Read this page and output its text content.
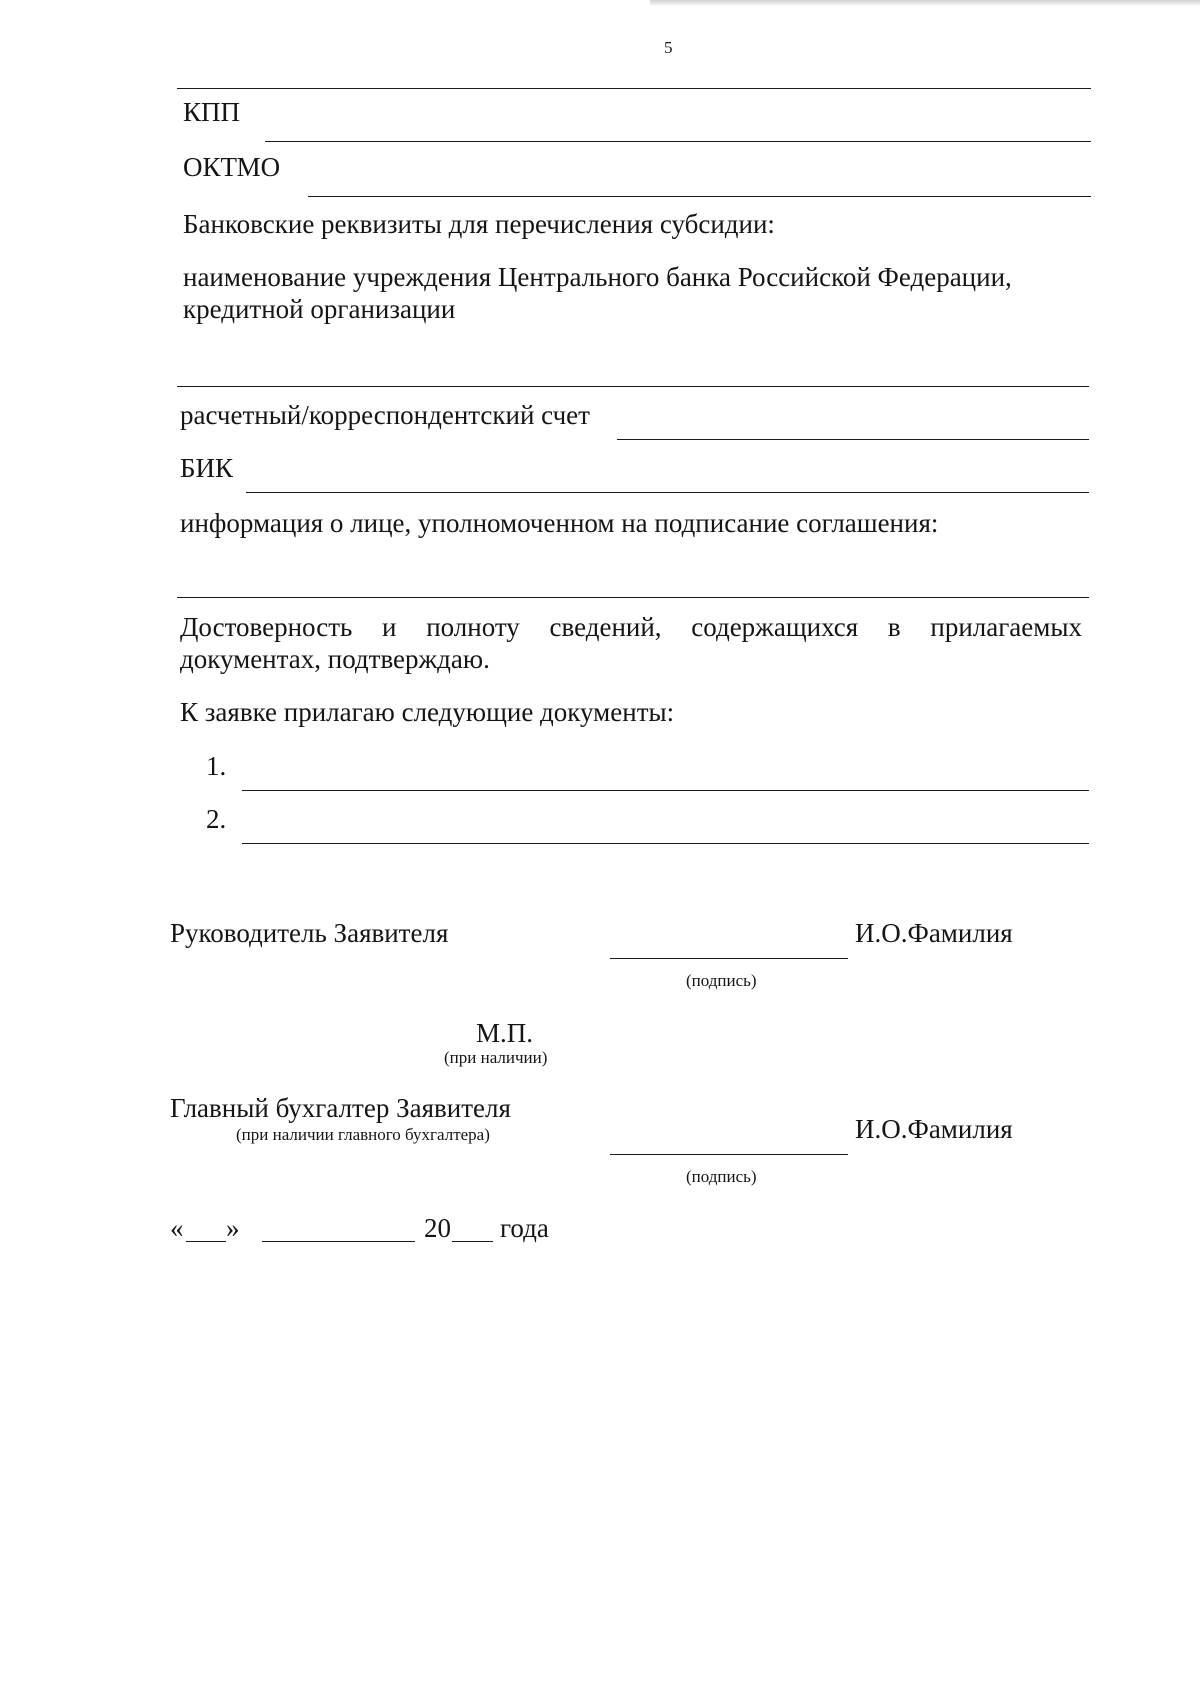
5
КПП
ОКТМО
Банковские реквизиты для перечисления субсидии:
наименование учреждения Центрального банка Российской Федерации,
кредитной организации
расчетный/корреспондентский счет
БИК
информация о лице, уполномоченном на подписание соглашения:
Достоверность и полноту сведений, содержащихся в прилагаемых
документах, подтверждаю.
К заявке прилагаю следующие документы:
1.
2.
Руководитель Заявителя	И.О.Фамилия
(подпись)
М.П.
(при наличии)
Главный бухгалтер Заявителя
(при наличии главного бухгалтера)	И.О.Фамилия
(подпись)
« »	20 года
